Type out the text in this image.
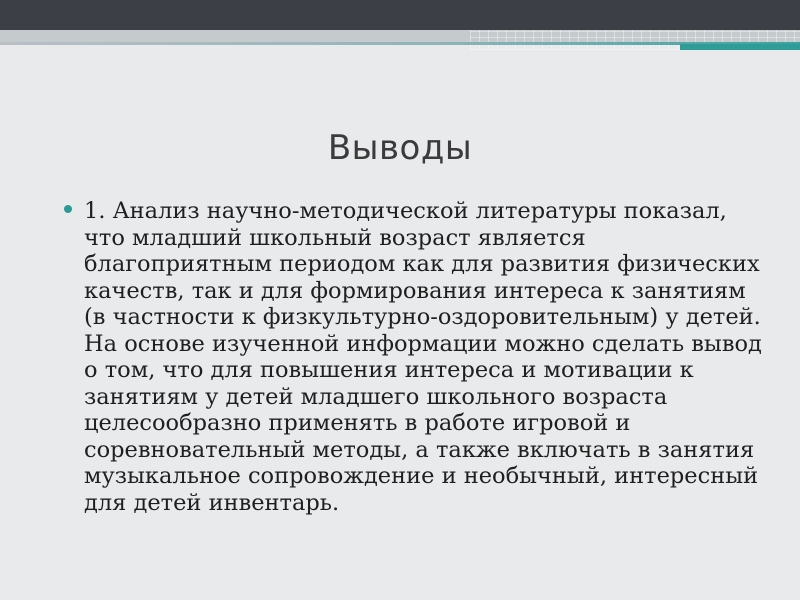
Выводы
1. Анализ научно-методической литературы показал, что младший школьный возраст является благоприятным периодом как для развития физических качеств, так и для формирования интереса к занятиям (в частности к физкультурно-оздоровительным) у детей. На основе изученной информации можно сделать вывод о том, что для повышения интереса и мотивации к занятиям у детей младшего школьного возраста целесообразно применять в работе игровой и соревновательный методы, а также включать в занятия музыкальное сопровождение и необычный, интересный для детей инвентарь.
